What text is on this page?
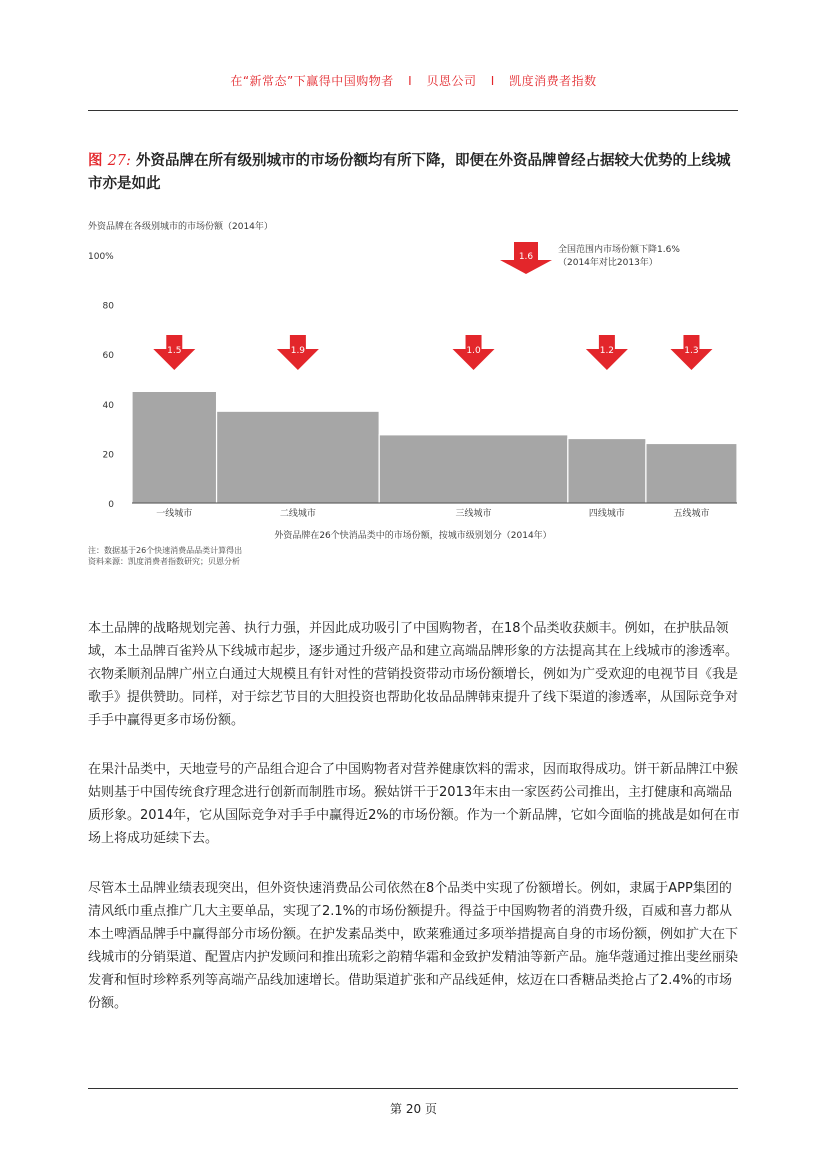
在“新常态”下赢得中国购物者 I 贝恩公司 I 凯度消费者指数
图 27: 外资品牌在所有级别城市的市场份额均有所下降，即便在外资品牌曾经占据较大优势的上线城市亦是如此
外资品牌在各级别城市的市场份额（2014年）
0
20
40
60
80
100%
一线城市
1.5
二线城市
1.9
三线城市
1.0
四线城市
1.2
五线城市
1.3
1.6
全国范围内市场份额下降1.6%
（2014年对比2013年）
外资品牌在26个快消品类中的市场份额，按城市级别划分（2014年）
注：数据基于26个快速消费品品类计算得出
资料来源：凯度消费者指数研究；贝恩分析

本土品牌的战略规划完善、执行力强，并因此成功吸引了中国购物者，在18个品类收获颇丰。例如，在护肤品领域，本土品牌百雀羚从下线城市起步，逐步通过升级产品和建立高端品牌形象的方法提高其在上线城市的渗透率。衣物柔顺剂品牌广州立白通过大规模且有针对性的营销投资带动市场份额增长，例如为广受欢迎的电视节目《我是歌手》提供赞助。同样，对于综艺节目的大胆投资也帮助化妆品品牌韩束提升了线下渠道的渗透率，从国际竞争对手手中赢得更多市场份额。

在果汁品类中，天地壹号的产品组合迎合了中国购物者对营养健康饮料的需求，因而取得成功。饼干新品牌江中猴姑则基于中国传统食疗理念进行创新而制胜市场。猴姑饼干于2013年末由一家医药公司推出，主打健康和高端品质形象。2014年，它从国际竞争对手手中赢得近2%的市场份额。作为一个新品牌，它如今面临的挑战是如何在市场上将成功延续下去。

尽管本土品牌业绩表现突出，但外资快速消费品公司依然在8个品类中实现了份额增长。例如，隶属于APP集团的清风纸巾重点推广几大主要单品，实现了2.1%的市场份额提升。得益于中国购物者的消费升级，百威和喜力都从本土啤酒品牌手中赢得部分市场份额。在护发素品类中，欧莱雅通过多项举措提高自身的市场份额，例如扩大在下线城市的分销渠道、配置店内护发顾问和推出琉彩之韵精华霜和金致护发精油等新产品。施华蔻通过推出斐丝丽染发膏和恒时珍粹系列等高端产品线加速增长。借助渠道扩张和产品线延伸，炫迈在口香糖品类抢占了2.4%的市场份额。

第 20 页
